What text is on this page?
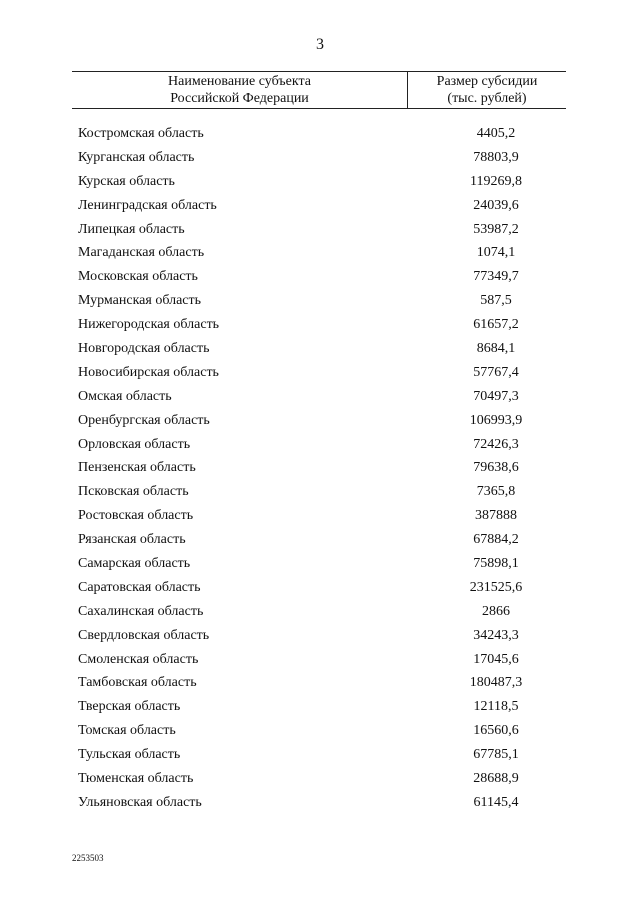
3
Наименование субъекта
Российской Федерации
Размер субсидии
(тыс. рублей)
Костромская область	4405,2
Курганская область	78803,9
Курская область	119269,8
Ленинградская область	24039,6
Липецкая область	53987,2
Магаданская область	1074,1
Московская область	77349,7
Мурманская область	587,5
Нижегородская область	61657,2
Новгородская область	8684,1
Новосибирская область	57767,4
Омская область	70497,3
Оренбургская область	106993,9
Орловская область	72426,3
Пензенская область	79638,6
Псковская область	7365,8
Ростовская область	387888
Рязанская область	67884,2
Самарская область	75898,1
Саратовская область	231525,6
Сахалинская область	2866
Свердловская область	34243,3
Смоленская область	17045,6
Тамбовская область	180487,3
Тверская область	12118,5
Томская область	16560,6
Тульская область	67785,1
Тюменская область	28688,9
Ульяновская область	61145,4
2253503
